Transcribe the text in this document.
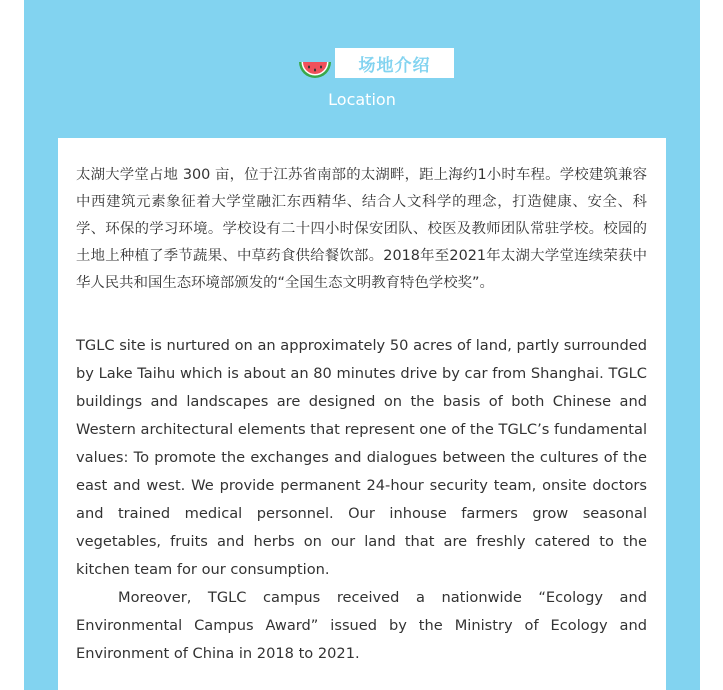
场地介绍
Location
太湖大学堂占地 300 亩，位于江苏省南部的太湖畔，距上海约1小时车程。学校建筑兼容中西建筑元素象征着大学堂融汇东西精华、结合人文科学的理念，打造健康、安全、科学、环保的学习环境。学校设有二十四小时保安团队、校医及教师团队常驻学校。校园的土地上种植了季节蔬果、中草药食供给餐饮部。2018年至2021年太湖大学堂连续荣获中华人民共和国生态环境部颁发的“全国生态文明教育特色学校奖”。

TGLC site is nurtured on an approximately 50 acres of land, partly surrounded by Lake Taihu which is about an 80 minutes drive by car from Shanghai. TGLC buildings and landscapes are designed on the basis of both Chinese and Western architectural elements that represent one of the TGLC’s fundamental values: To promote the exchanges and dialogues between the cultures of the east and west. We provide permanent 24-hour security team, onsite doctors and trained medical personnel. Our inhouse farmers grow seasonal vegetables, fruits and herbs on our land that are freshly catered to the kitchen team for our consumption.

Moreover, TGLC campus received a nationwide “Ecology and Environmental Campus Award” issued by the Ministry of Ecology and Environment of China in 2018 to 2021.
